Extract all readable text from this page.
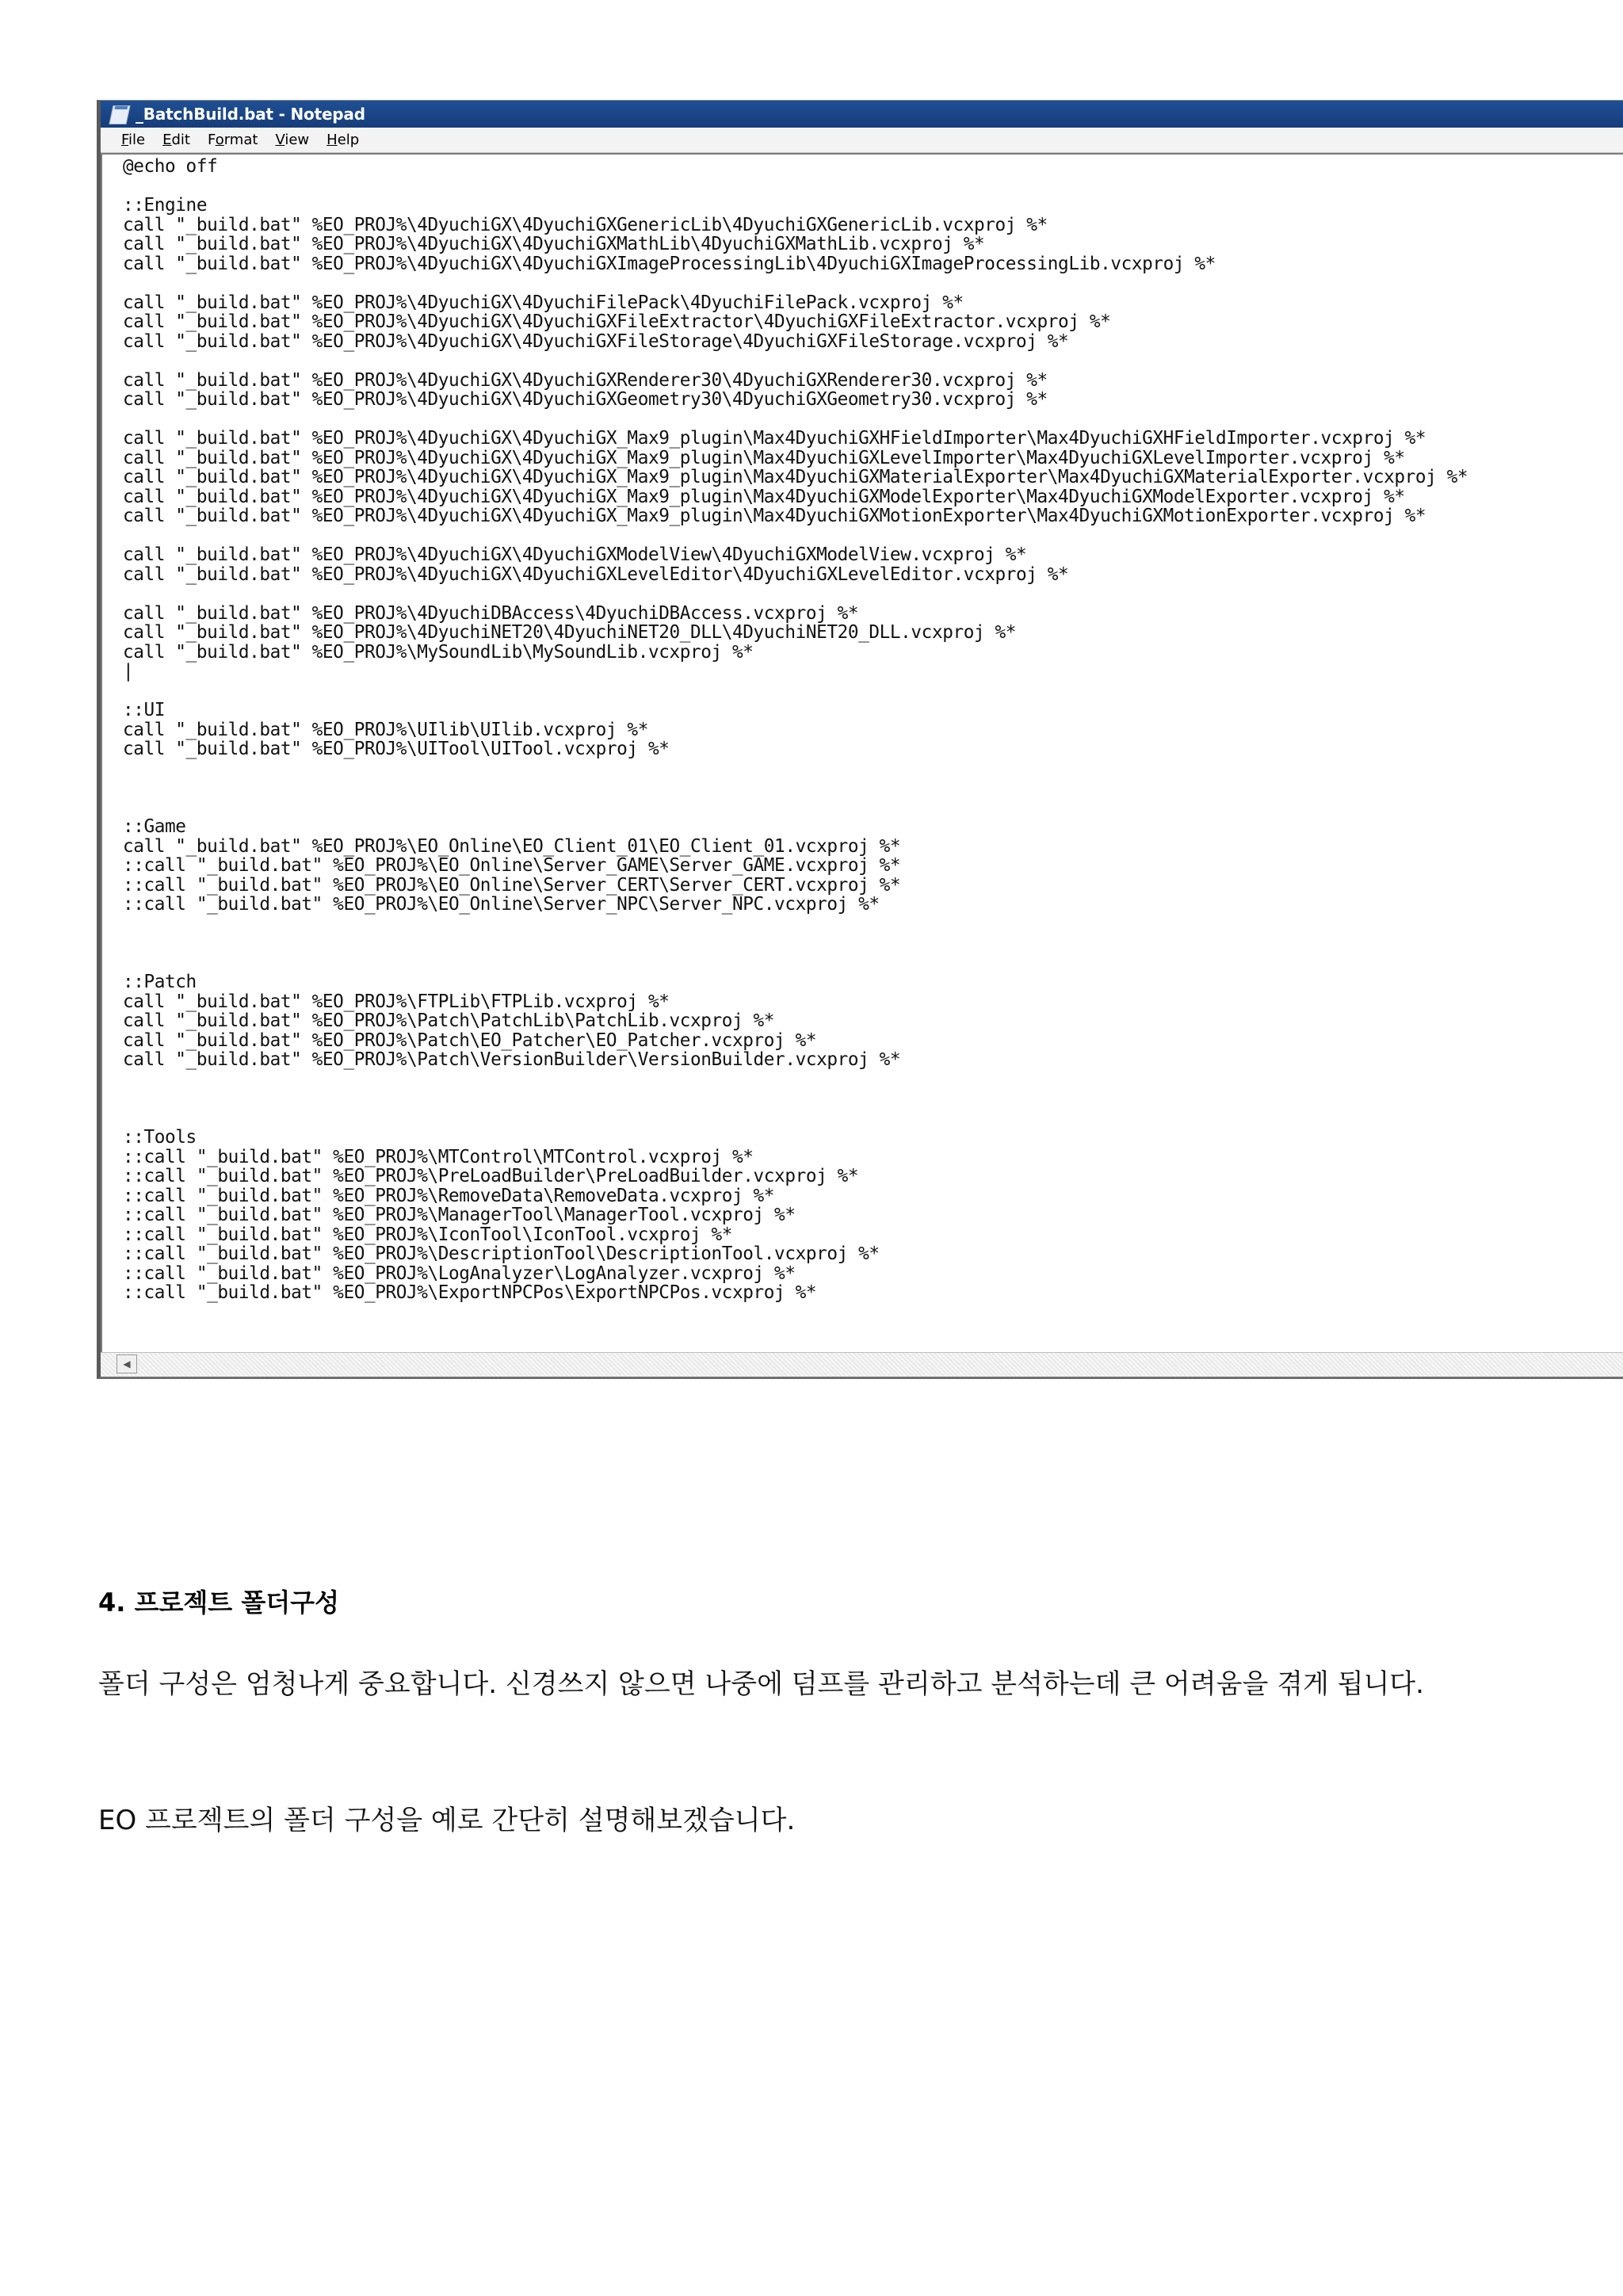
_BatchBuild.bat - Notepad
File Edit Format View Help
@echo off

::Engine
call "_build.bat" %EO_PROJ%\4DyuchiGX\4DyuchiGXGenericLib\4DyuchiGXGenericLib.vcxproj %*
call "_build.bat" %EO_PROJ%\4DyuchiGX\4DyuchiGXMathLib\4DyuchiGXMathLib.vcxproj %*
call "_build.bat" %EO_PROJ%\4DyuchiGX\4DyuchiGXImageProcessingLib\4DyuchiGXImageProcessingLib.vcxproj %*

call "_build.bat" %EO_PROJ%\4DyuchiGX\4DyuchiFilePack\4DyuchiFilePack.vcxproj %*
call "_build.bat" %EO_PROJ%\4DyuchiGX\4DyuchiGXFileExtractor\4DyuchiGXFileExtractor.vcxproj %*
call "_build.bat" %EO_PROJ%\4DyuchiGX\4DyuchiGXFileStorage\4DyuchiGXFileStorage.vcxproj %*

call "_build.bat" %EO_PROJ%\4DyuchiGX\4DyuchiGXRenderer30\4DyuchiGXRenderer30.vcxproj %*
call "_build.bat" %EO_PROJ%\4DyuchiGX\4DyuchiGXGeometry30\4DyuchiGXGeometry30.vcxproj %*

call "_build.bat" %EO_PROJ%\4DyuchiGX\4DyuchiGX_Max9_plugin\Max4DyuchiGXHFieldImporter\Max4DyuchiGXHFieldImporter.vcxproj %*
call "_build.bat" %EO_PROJ%\4DyuchiGX\4DyuchiGX_Max9_plugin\Max4DyuchiGXLevelImporter\Max4DyuchiGXLevelImporter.vcxproj %*
call "_build.bat" %EO_PROJ%\4DyuchiGX\4DyuchiGX_Max9_plugin\Max4DyuchiGXMaterialExporter\Max4DyuchiGXMaterialExporter.vcxproj %*
call "_build.bat" %EO_PROJ%\4DyuchiGX\4DyuchiGX_Max9_plugin\Max4DyuchiGXModelExporter\Max4DyuchiGXModelExporter.vcxproj %*
call "_build.bat" %EO_PROJ%\4DyuchiGX\4DyuchiGX_Max9_plugin\Max4DyuchiGXMotionExporter\Max4DyuchiGXMotionExporter.vcxproj %*

call "_build.bat" %EO_PROJ%\4DyuchiGX\4DyuchiGXModelView\4DyuchiGXModelView.vcxproj %*
call "_build.bat" %EO_PROJ%\4DyuchiGX\4DyuchiGXLevelEditor\4DyuchiGXLevelEditor.vcxproj %*

call "_build.bat" %EO_PROJ%\4DyuchiDBAccess\4DyuchiDBAccess.vcxproj %*
call "_build.bat" %EO_PROJ%\4DyuchiNET20\4DyuchiNET20_DLL\4DyuchiNET20_DLL.vcxproj %*
call "_build.bat" %EO_PROJ%\MySoundLib\MySoundLib.vcxproj %*
|

::UI
call "_build.bat" %EO_PROJ%\UIlib\UIlib.vcxproj %*
call "_build.bat" %EO_PROJ%\UITool\UITool.vcxproj %*

::Game
call "_build.bat" %EO_PROJ%\EO_Online\EO_Client_01\EO_Client_01.vcxproj %*
::call "_build.bat" %EO_PROJ%\EO_Online\Server_GAME\Server_GAME.vcxproj %*
::call "_build.bat" %EO_PROJ%\EO_Online\Server_CERT\Server_CERT.vcxproj %*
::call "_build.bat" %EO_PROJ%\EO_Online\Server_NPC\Server_NPC.vcxproj %*

::Patch
call "_build.bat" %EO_PROJ%\FTPLib\FTPLib.vcxproj %*
call "_build.bat" %EO_PROJ%\Patch\PatchLib\PatchLib.vcxproj %*
call "_build.bat" %EO_PROJ%\Patch\EO_Patcher\EO_Patcher.vcxproj %*
call "_build.bat" %EO_PROJ%\Patch\VersionBuilder\VersionBuilder.vcxproj %*

::Tools
::call "_build.bat" %EO_PROJ%\MTControl\MTControl.vcxproj %*
::call "_build.bat" %EO_PROJ%\PreLoadBuilder\PreLoadBuilder.vcxproj %*
::call "_build.bat" %EO_PROJ%\RemoveData\RemoveData.vcxproj %*
::call "_build.bat" %EO_PROJ%\ManagerTool\ManagerTool.vcxproj %*
::call "_build.bat" %EO_PROJ%\IconTool\IconTool.vcxproj %*
::call "_build.bat" %EO_PROJ%\DescriptionTool\DescriptionTool.vcxproj %*
::call "_build.bat" %EO_PROJ%\LogAnalyzer\LogAnalyzer.vcxproj %*
::call "_build.bat" %EO_PROJ%\ExportNPCPos\ExportNPCPos.vcxproj %*
◀
4. 프로젝트 폴더구성

폴더 구성은 엄청나게 중요합니다. 신경쓰지 않으면 나중에 덤프를 관리하고 분석하는데 큰 어려움을 겪게 됩니다.

EO 프로젝트의 폴더 구성을 예로 간단히 설명해보겠습니다.
